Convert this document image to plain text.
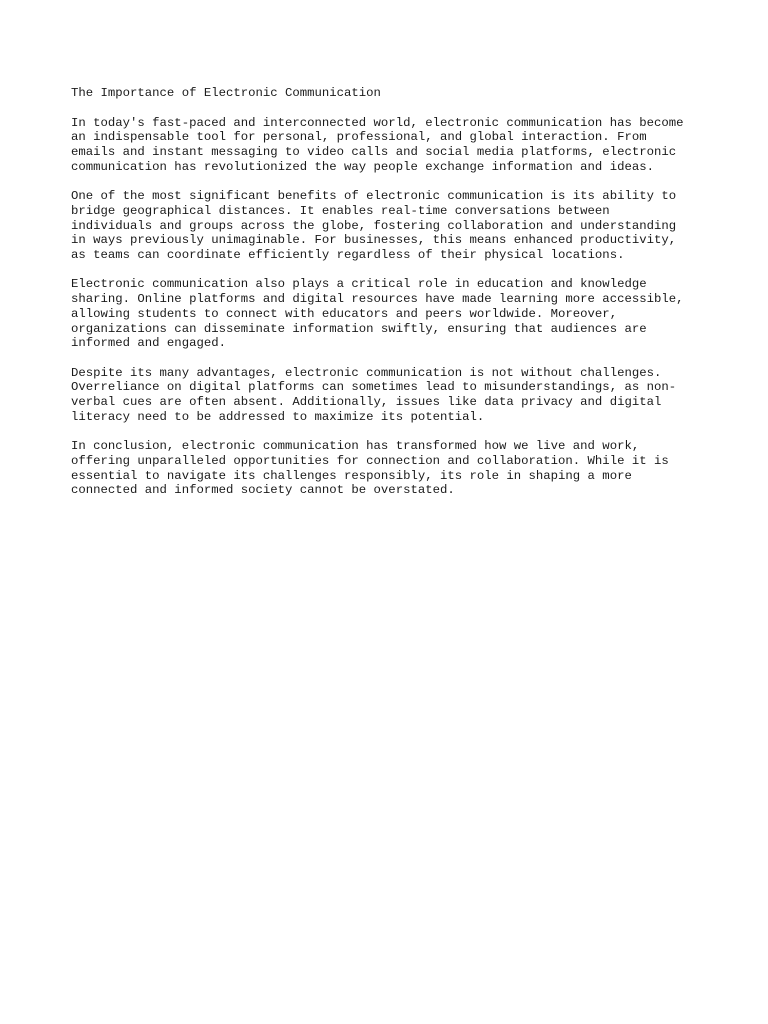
The Importance of Electronic Communication

In today's fast-paced and interconnected world, electronic communication has become
an indispensable tool for personal, professional, and global interaction. From
emails and instant messaging to video calls and social media platforms, electronic
communication has revolutionized the way people exchange information and ideas.

One of the most significant benefits of electronic communication is its ability to
bridge geographical distances. It enables real-time conversations between
individuals and groups across the globe, fostering collaboration and understanding
in ways previously unimaginable. For businesses, this means enhanced productivity,
as teams can coordinate efficiently regardless of their physical locations.

Electronic communication also plays a critical role in education and knowledge
sharing. Online platforms and digital resources have made learning more accessible,
allowing students to connect with educators and peers worldwide. Moreover,
organizations can disseminate information swiftly, ensuring that audiences are
informed and engaged.

Despite its many advantages, electronic communication is not without challenges.
Overreliance on digital platforms can sometimes lead to misunderstandings, as non-
verbal cues are often absent. Additionally, issues like data privacy and digital
literacy need to be addressed to maximize its potential.

In conclusion, electronic communication has transformed how we live and work,
offering unparalleled opportunities for connection and collaboration. While it is
essential to navigate its challenges responsibly, its role in shaping a more
connected and informed society cannot be overstated.
